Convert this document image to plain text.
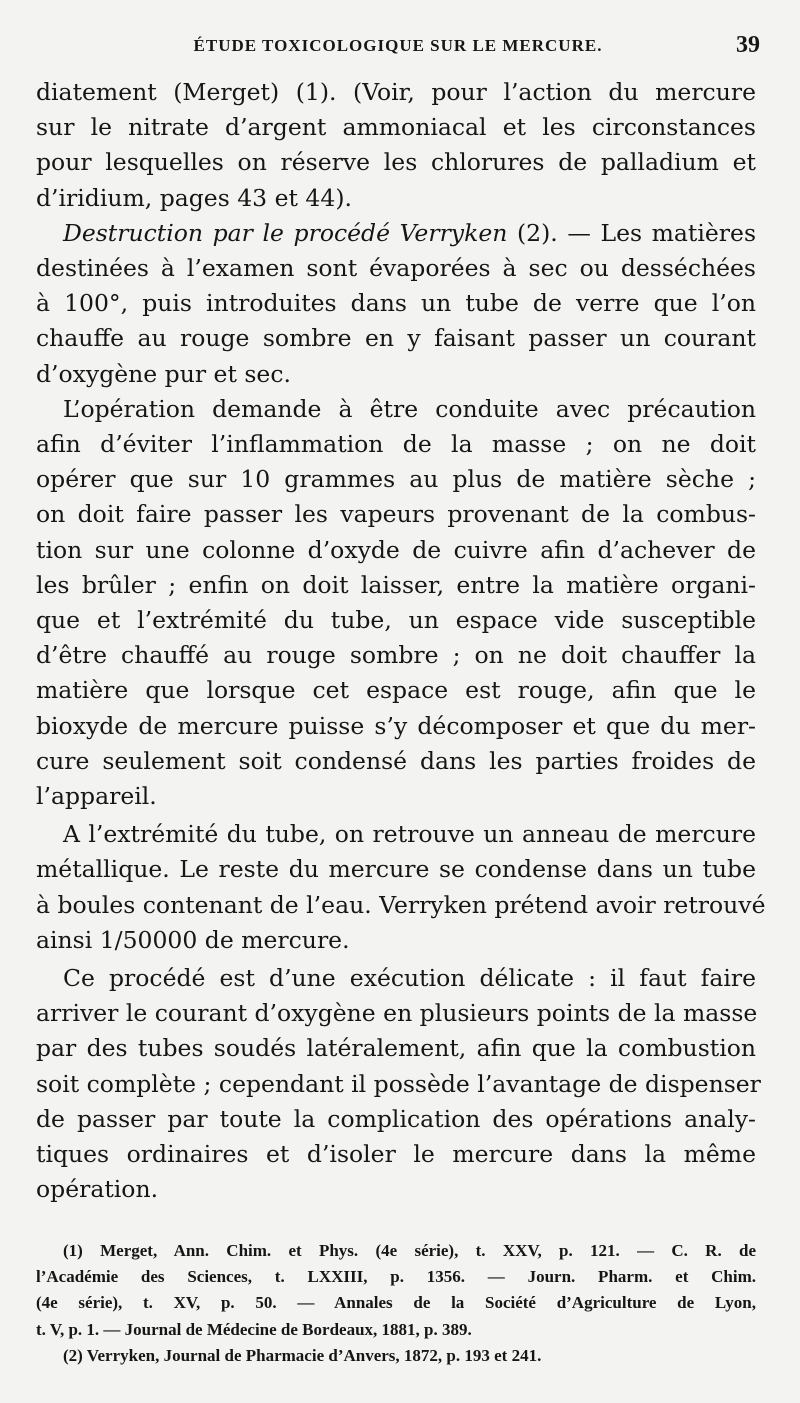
ÉTUDE TOXICOLOGIQUE SUR LE MERCURE.	39
diatement (Merget) (1). (Voir, pour l’action du mercure
sur le nitrate d’argent ammoniacal et les circonstances
pour lesquelles on réserve les chlorures de palladium et
d’iridium, pages 43 et 44).
Destruction par le procédé Verryken (2). — Les matières
destinées à l’examen sont évaporées à sec ou desséchées
à 100°, puis introduites dans un tube de verre que l’on
chauffe au rouge sombre en y faisant passer un courant
d’oxygène pur et sec.
L’opération demande à être conduite avec précaution
afin d’éviter l’inflammation de la masse ; on ne doit
opérer que sur 10 grammes au plus de matière sèche ;
on doit faire passer les vapeurs provenant de la combus-
tion sur une colonne d’oxyde de cuivre afin d’achever de
les brûler ; enfin on doit laisser, entre la matière organi-
que et l’extrémité du tube, un espace vide susceptible
d’être chauffé au rouge sombre ; on ne doit chauffer la
matière que lorsque cet espace est rouge, afin que le
bioxyde de mercure puisse s’y décomposer et que du mer-
cure seulement soit condensé dans les parties froides de
l’appareil.
A l’extrémité du tube, on retrouve un anneau de mercure
métallique. Le reste du mercure se condense dans un tube
à boules contenant de l’eau. Verryken prétend avoir retrouvé
ainsi 1/50000 de mercure.
Ce procédé est d’une exécution délicate : il faut faire
arriver le courant d’oxygène en plusieurs points de la masse
par des tubes soudés latéralement, afin que la combustion
soit complète ; cependant il possède l’avantage de dispenser
de passer par toute la complication des opérations analy-
tiques ordinaires et d’isoler le mercure dans la même
opération.
(1) Merget, Ann. Chim. et Phys. (4e série), t. XXV, p. 121. — C. R. de
l’Académie des Sciences, t. LXXIII, p. 1356. — Journ. Pharm. et Chim.
(4e série), t. XV, p. 50. — Annales de la Société d’Agriculture de Lyon,
t. V, p. 1. — Journal de Médecine de Bordeaux, 1881, p. 389.
(2) Verryken, Journal de Pharmacie d’Anvers, 1872, p. 193 et 241.
